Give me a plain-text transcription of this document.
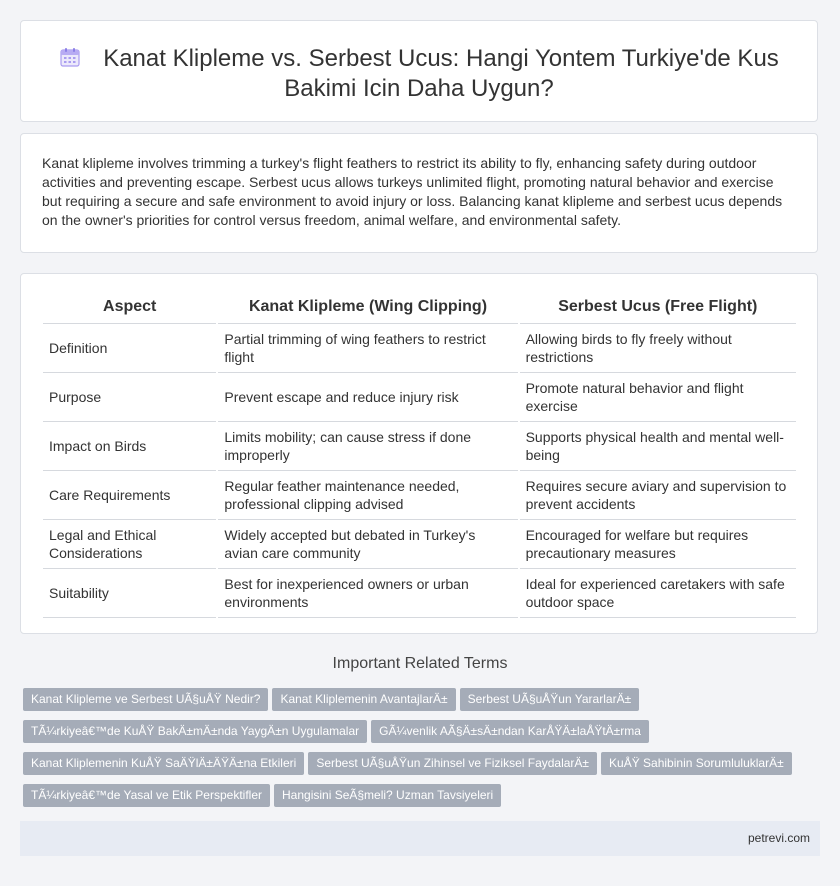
Kanat Klipleme vs. Serbest Ucus: Hangi Yontem Turkiye'de Kus
Bakimi Icin Daha Uygun?

Kanat klipleme involves trimming a turkey's flight feathers to restrict its ability to fly, enhancing safety during outdoor activities and preventing escape. Serbest ucus allows turkeys unlimited flight, promoting natural behavior and exercise but requiring a secure and safe environment to avoid injury or loss. Balancing kanat klipleme and serbest ucus depends on the owner's priorities for control versus freedom, animal welfare, and environmental safety.

Aspect	Kanat Klipleme (Wing Clipping)	Serbest Ucus (Free Flight)
Definition	Partial trimming of wing feathers to restrict flight	Allowing birds to fly freely without restrictions
Purpose	Prevent escape and reduce injury risk	Promote natural behavior and flight exercise
Impact on Birds	Limits mobility; can cause stress if done improperly	Supports physical health and mental well-being
Care Requirements	Regular feather maintenance needed, professional clipping advised	Requires secure aviary and supervision to prevent accidents
Legal and Ethical Considerations	Widely accepted but debated in Turkey's avian care community	Encouraged for welfare but requires precautionary measures
Suitability	Best for inexperienced owners or urban environments	Ideal for experienced caretakers with safe outdoor space
Important Related Terms
Kanat Klipleme ve Serbest UÃ§uÅŸ Nedir? Kanat Kliplemenin AvantajlarÄ± Serbest UÃ§uÅŸun YararlarÄ±
TÃ¼rkiyeâ€™de KuÅŸ BakÄ±mÄ±nda YaygÄ±n Uygulamalar GÃ¼venlik AÃ§Ä±sÄ±ndan KarÅŸÄ±laÅŸtÄ±rma
Kanat Kliplemenin KuÅŸ SaÄŸlÄ±ÄŸÄ±na Etkileri Serbest UÃ§uÅŸun Zihinsel ve Fiziksel FaydalarÄ± KuÅŸ Sahibinin SorumluluklarÄ±
TÃ¼rkiyeâ€™de Yasal ve Etik Perspektifler Hangisini SeÃ§meli? Uzman Tavsiyeleri
petrevi.com
